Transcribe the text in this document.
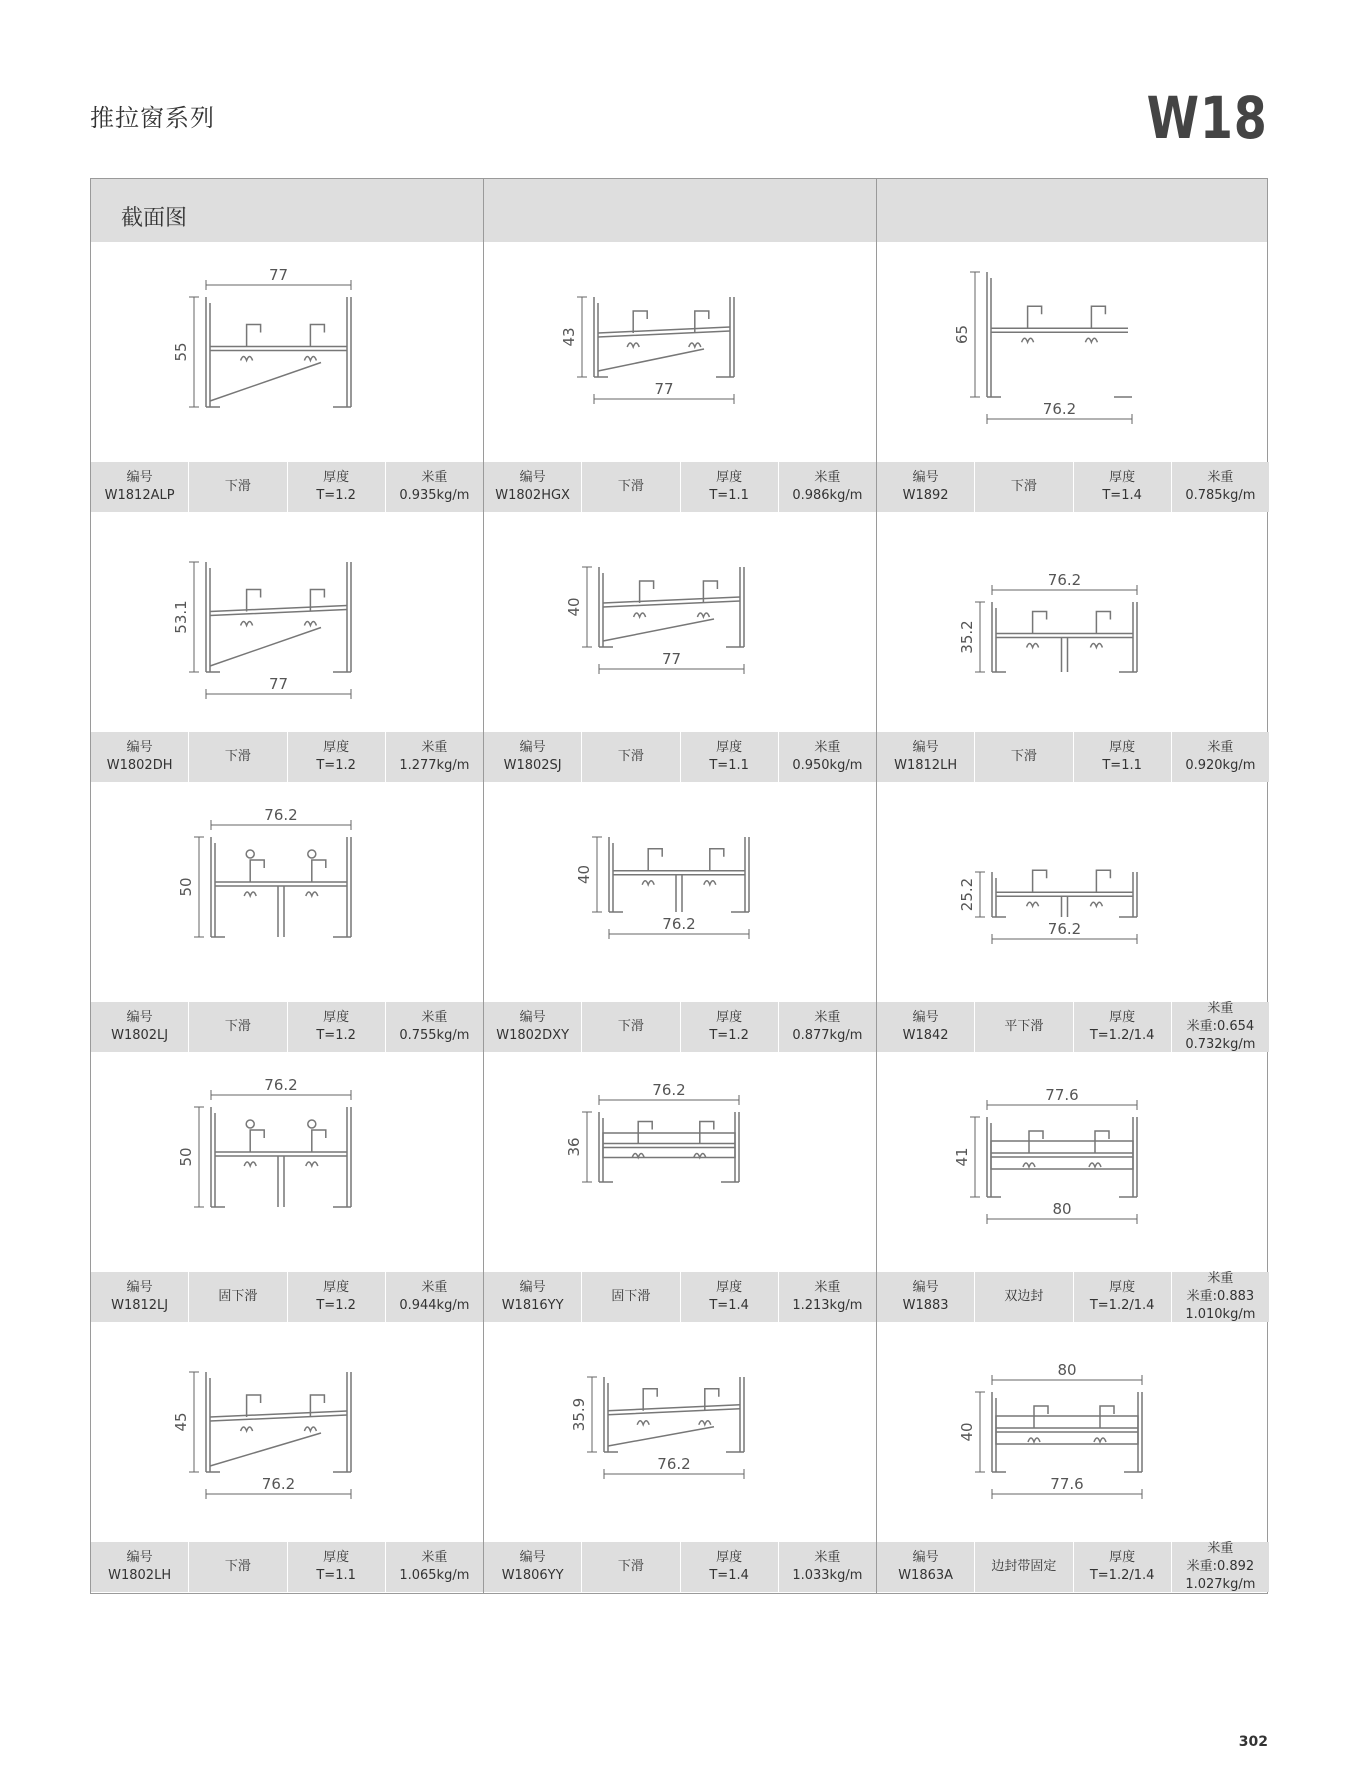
推拉窗系列	W18
截面图
55
77
编号
W1812ALP
下滑
厚度
T=1.2
米重
0.935kg/m
43
77
编号
W1802HGX
下滑
厚度
T=1.1
米重
0.986kg/m
65
76.2
编号
W1892
下滑
厚度
T=1.4
米重
0.785kg/m
53.1
77
编号
W1802DH
下滑
厚度
T=1.2
米重
1.277kg/m
40
77
编号
W1802SJ
下滑
厚度
T=1.1
米重
0.950kg/m
35.2
76.2
编号
W1812LH
下滑
厚度
T=1.1
米重
0.920kg/m
50
76.2
编号
W1802LJ
下滑
厚度
T=1.2
米重
0.755kg/m
40
76.2
编号
W1802DXY
下滑
厚度
T=1.2
米重
0.877kg/m
25.2
76.2
编号
W1842
平下滑
厚度
T=1.2/1.4
米重
米重:0.654
0.732kg/m
50
76.2
编号
W1812LJ
固下滑
厚度
T=1.2
米重
0.944kg/m
36
76.2
编号
W1816YY
固下滑
厚度
T=1.4
米重
1.213kg/m
41
77.6
80
编号
W1883
双边封
厚度
T=1.2/1.4
米重
米重:0.883
1.010kg/m
45
76.2
编号
W1802LH
下滑
厚度
T=1.1
米重
1.065kg/m
35.9
76.2
编号
W1806YY
下滑
厚度
T=1.4
米重
1.033kg/m
40
80
77.6
编号
W1863A
边封带固定
厚度
T=1.2/1.4
米重
米重:0.892
1.027kg/m
302
